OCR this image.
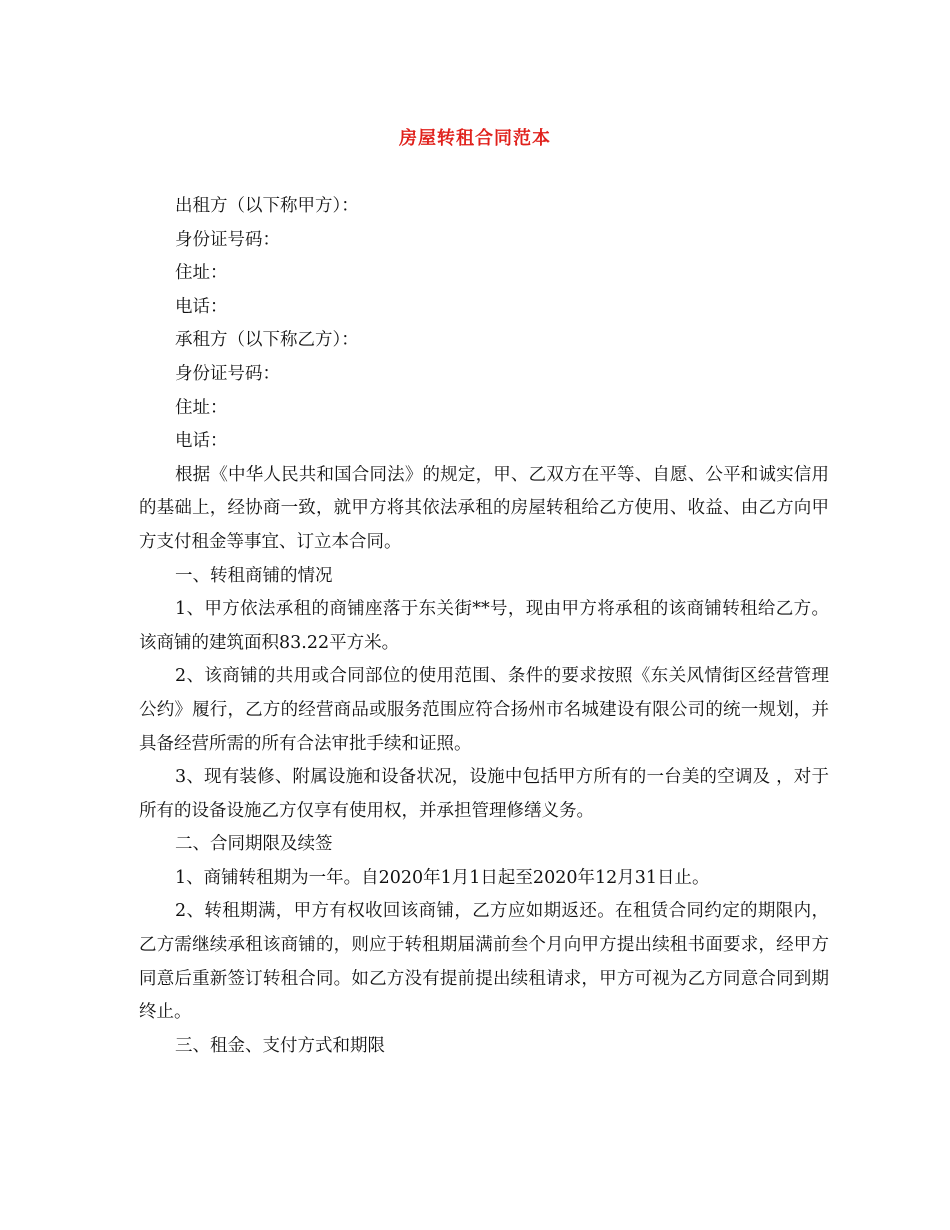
房屋转租合同范本

出租方（以下称甲方）：

身份证号码：

住址：

电话：

承租方（以下称乙方）：

身份证号码：

住址：

电话：

根据《中华人民共和国合同法》的规定，甲、乙双方在平等、自愿、公平和诚实信用的基础上，经协商一致，就甲方将其依法承租的房屋转租给乙方使用、收益、由乙方向甲方支付租金等事宜、订立本合同。

一、转租商铺的情况

1、甲方依法承租的商铺座落于东关街**号，现由甲方将承租的该商铺转租给乙方。该商铺的建筑面积83.22平方米。

2、该商铺的共用或合同部位的使用范围、条件的要求按照《东关风情街区经营管理公约》履行，乙方的经营商品或服务范围应符合扬州市名城建设有限公司的统一规划，并具备经营所需的所有合法审批手续和证照。

3、现有装修、附属设施和设备状况，设施中包括甲方所有的一台美的空调及 ，对于所有的设备设施乙方仅享有使用权，并承担管理修缮义务。

二、合同期限及续签

1、商铺转租期为一年。自2020年1月1日起至2020年12月31日止。

2、转租期满，甲方有权收回该商铺，乙方应如期返还。在租赁合同约定的期限内，乙方需继续承租该商铺的，则应于转租期届满前叁个月向甲方提出续租书面要求，经甲方同意后重新签订转租合同。如乙方没有提前提出续租请求，甲方可视为乙方同意合同到期终止。

三、租金、支付方式和期限
